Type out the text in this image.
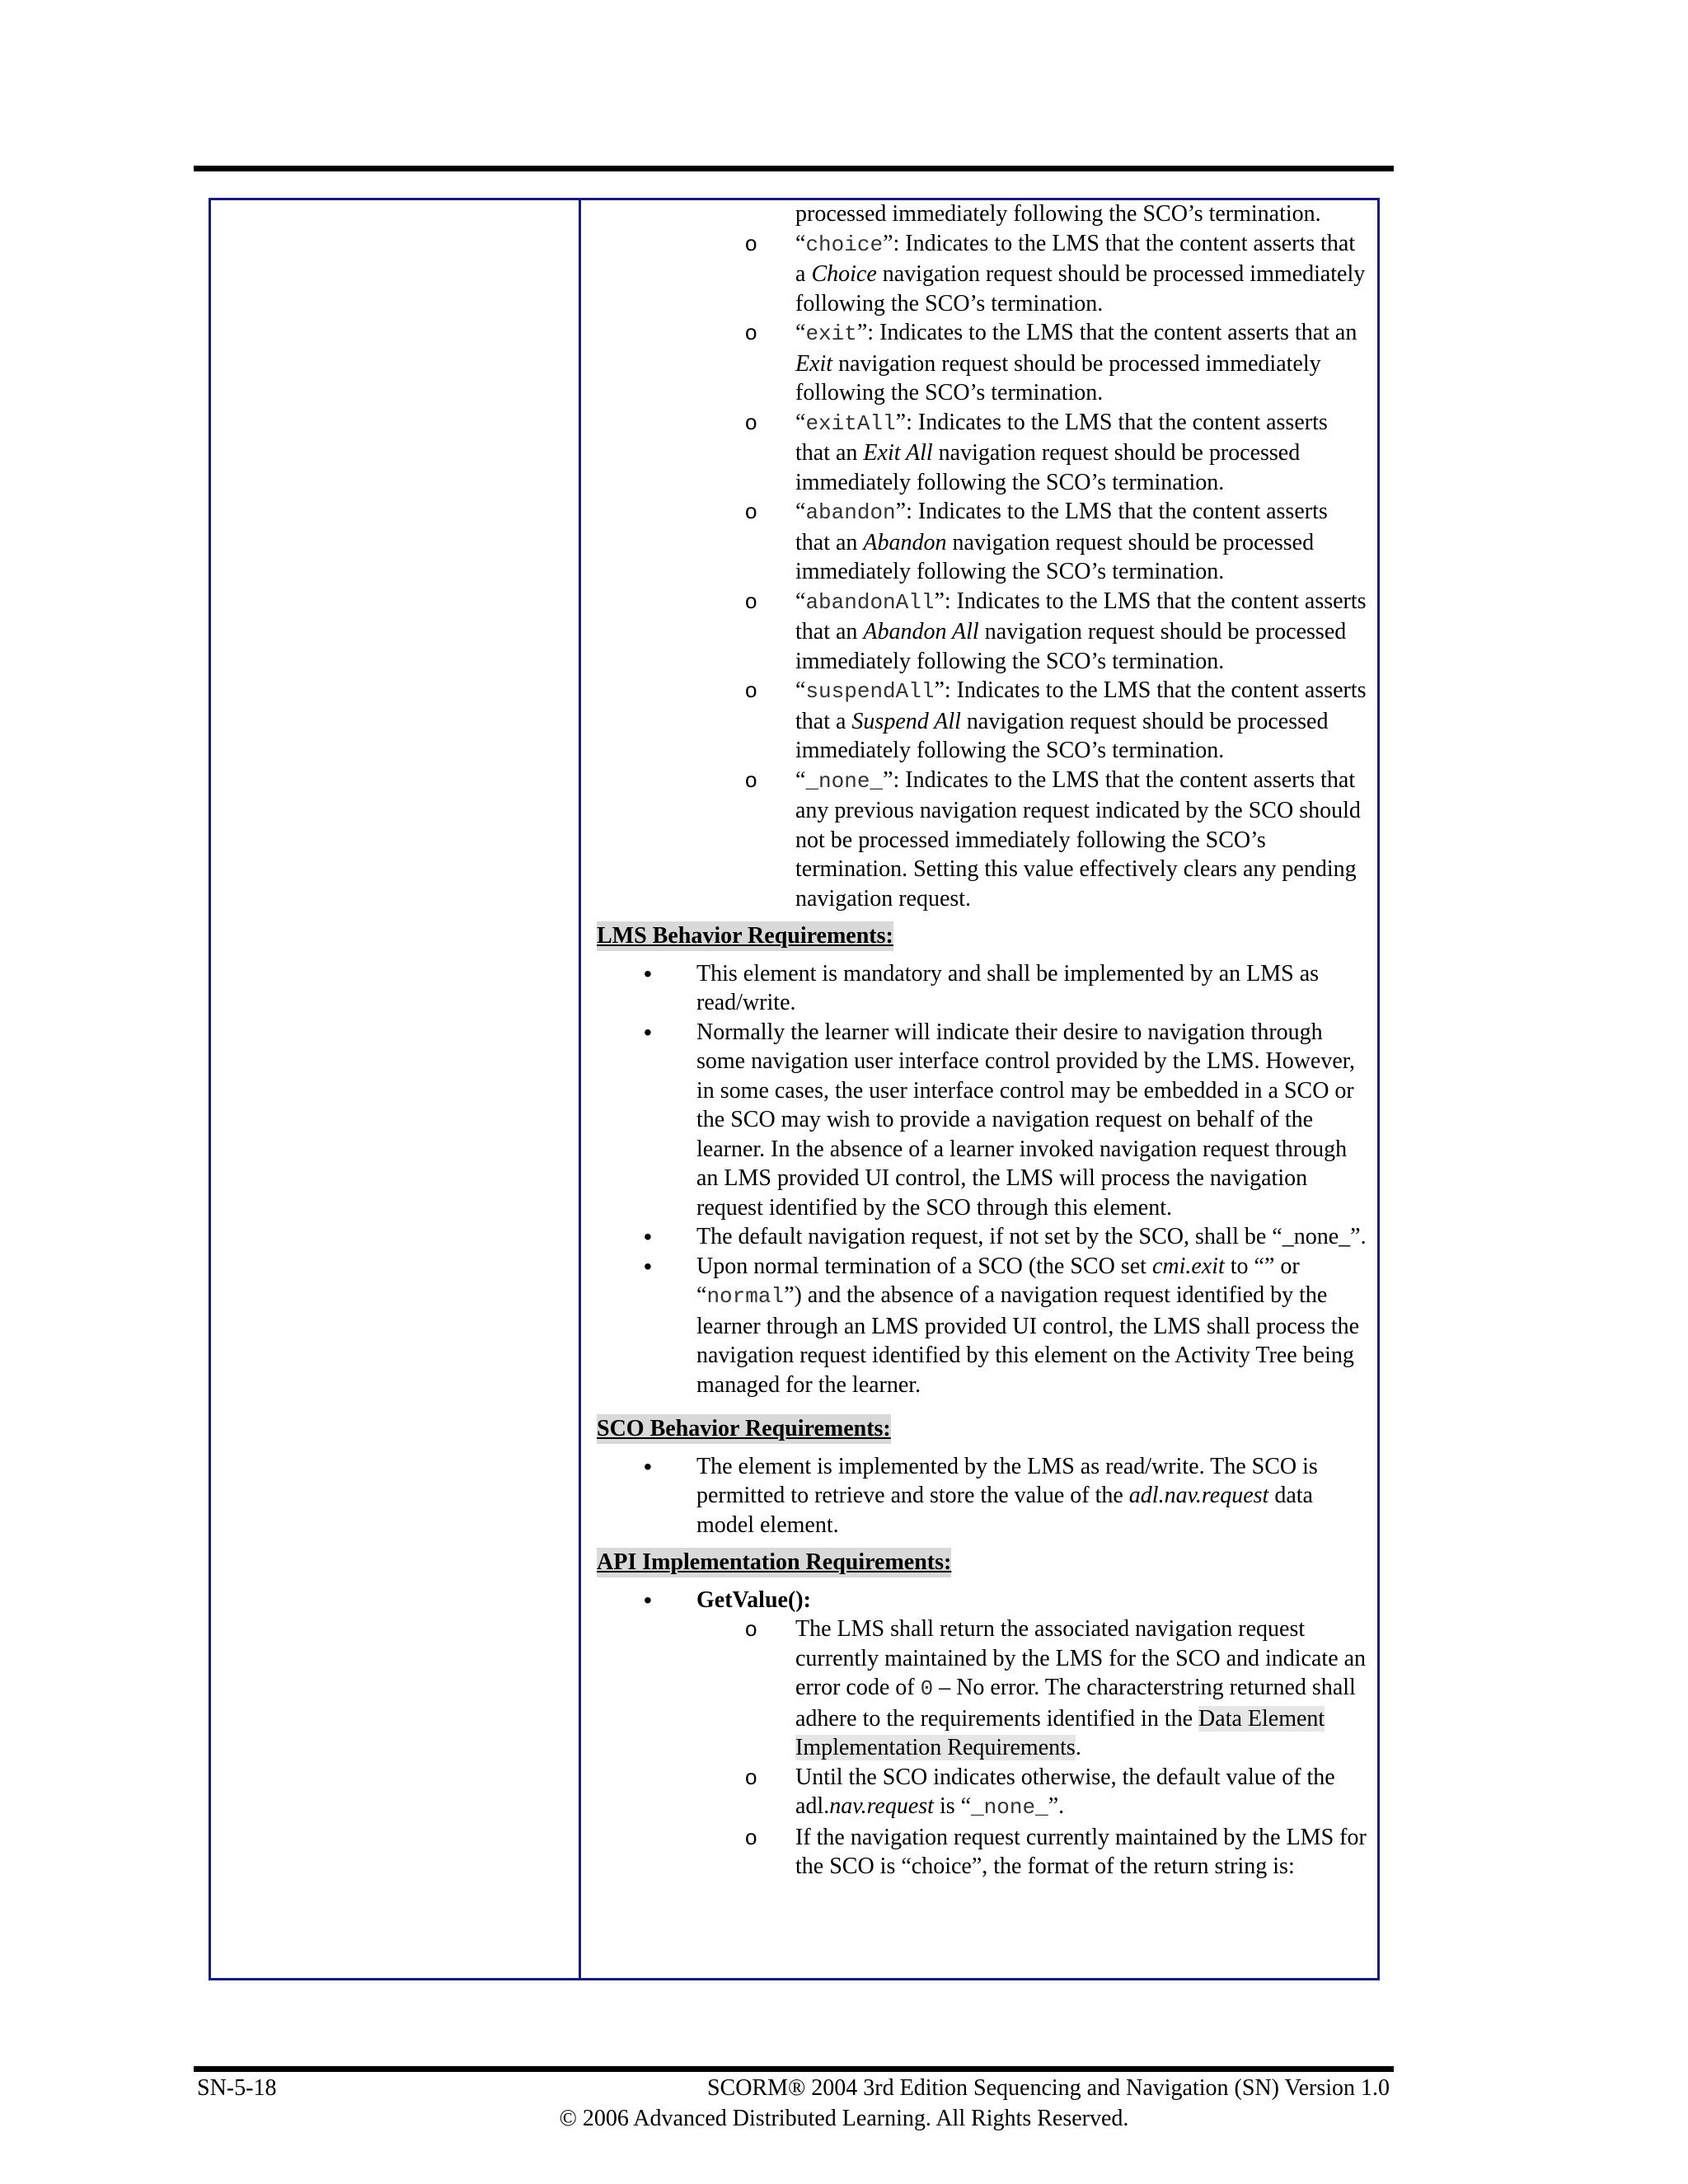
processed immediately following the SCO’s termination.
o “choice”: Indicates to the LMS that the content asserts that a Choice navigation request should be processed immediately following the SCO’s termination.
o “exit”: Indicates to the LMS that the content asserts that an Exit navigation request should be processed immediately following the SCO’s termination.
o “exitAll”: Indicates to the LMS that the content asserts that an Exit All navigation request should be processed immediately following the SCO’s termination.
o “abandon”: Indicates to the LMS that the content asserts that an Abandon navigation request should be processed immediately following the SCO’s termination.
o “abandonAll”: Indicates to the LMS that the content asserts that an Abandon All navigation request should be processed immediately following the SCO’s termination.
o “suspendAll”: Indicates to the LMS that the content asserts that a Suspend All navigation request should be processed immediately following the SCO’s termination.
o “_none_”: Indicates to the LMS that the content asserts that any previous navigation request indicated by the SCO should not be processed immediately following the SCO’s termination. Setting this value effectively clears any pending navigation request.
LMS Behavior Requirements:
• This element is mandatory and shall be implemented by an LMS as read/write.
• Normally the learner will indicate their desire to navigation through some navigation user interface control provided by the LMS. However, in some cases, the user interface control may be embedded in a SCO or the SCO may wish to provide a navigation request on behalf of the learner. In the absence of a learner invoked navigation request through an LMS provided UI control, the LMS will process the navigation request identified by the SCO through this element.
• The default navigation request, if not set by the SCO, shall be “_none_”.
• Upon normal termination of a SCO (the SCO set cmi.exit to “” or “normal”) and the absence of a navigation request identified by the learner through an LMS provided UI control, the LMS shall process the navigation request identified by this element on the Activity Tree being managed for the learner.
SCO Behavior Requirements:
• The element is implemented by the LMS as read/write. The SCO is permitted to retrieve and store the value of the adl.nav.request data model element.
API Implementation Requirements:
• GetValue():
o The LMS shall return the associated navigation request currently maintained by the LMS for the SCO and indicate an error code of 0 – No error. The characterstring returned shall adhere to the requirements identified in the Data Element Implementation Requirements.
o Until the SCO indicates otherwise, the default value of the adl.nav.request is “_none_”.
o If the navigation request currently maintained by the LMS for the SCO is “choice”, the format of the return string is:
SN-5-18	SCORM® 2004 3rd Edition Sequencing and Navigation (SN) Version 1.0
© 2006 Advanced Distributed Learning. All Rights Reserved.
